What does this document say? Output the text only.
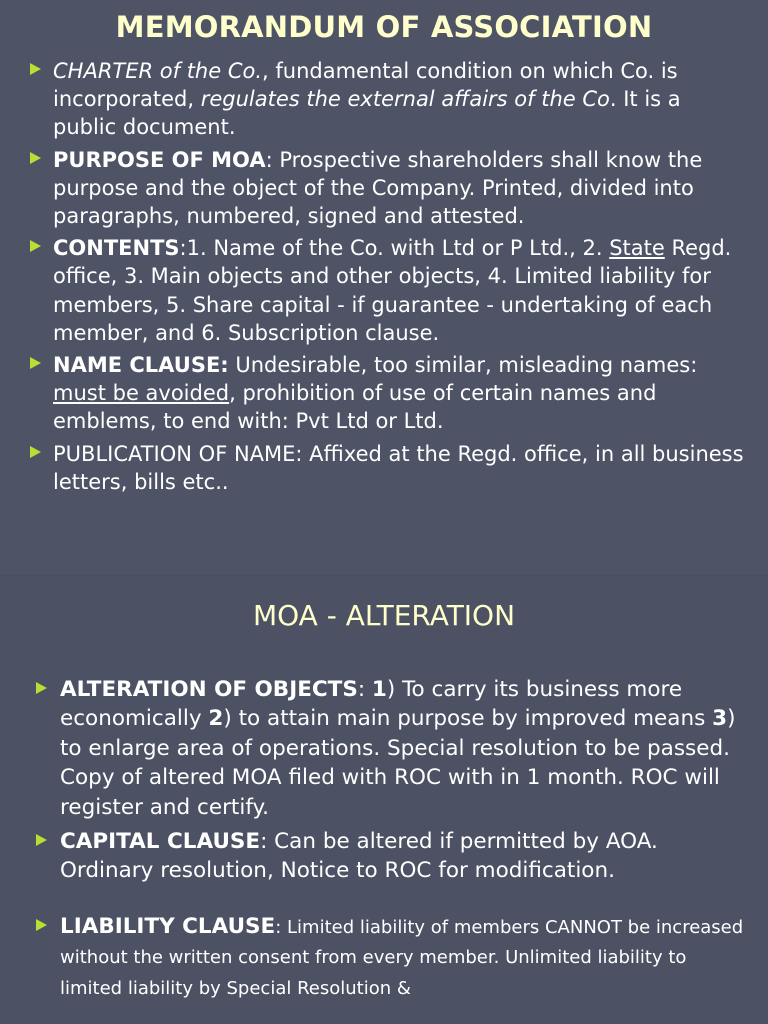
MEMORANDUM OF ASSOCIATION
CHARTER of the Co., fundamental condition on which Co. is incorporated, regulates the external affairs of the Co. It is a public document.
PURPOSE OF MOA: Prospective shareholders shall know the purpose and the object of the Company. Printed, divided into paragraphs, numbered, signed and attested.
CONTENTS:1. Name of the Co. with Ltd or P Ltd., 2. State Regd. office, 3. Main objects and other objects, 4. Limited liability for members, 5. Share capital - if guarantee - undertaking of each member, and 6. Subscription clause.
NAME CLAUSE: Undesirable, too similar, misleading names: must be avoided, prohibition of use of certain names and emblems, to end with: Pvt Ltd or Ltd.
PUBLICATION OF NAME: Affixed at the Regd. office, in all business letters, bills etc..
MOA - ALTERATION
ALTERATION OF OBJECTS: 1) To carry its business more economically 2) to attain main purpose by improved means 3) to enlarge area of operations. Special resolution to be passed. Copy of altered MOA filed with ROC with in 1 month. ROC will register and certify.
CAPITAL CLAUSE: Can be altered if permitted by AOA. Ordinary resolution, Notice to ROC for modification.
LIABILITY CLAUSE: Limited liability of members CANNOT be increased without the written consent from every member. Unlimited liability to limited liability by Special Resolution &
